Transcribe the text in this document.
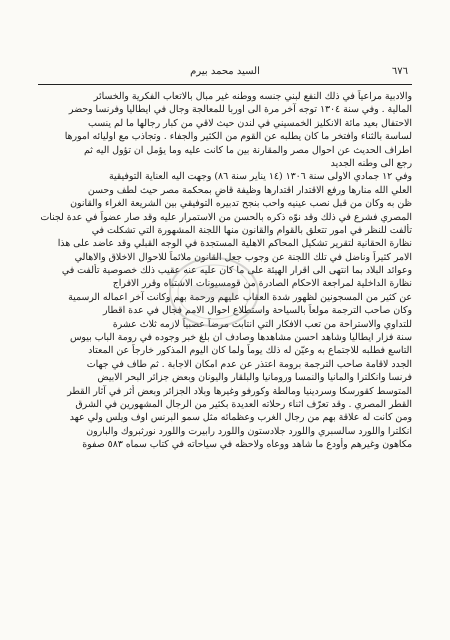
٦٧٦
السيد محمد بيرم
والادبية مراعياً في ذلك النفع لبني جنسه ووطنه غير مبال بالاتعاب الفكرية والخسائر
المالية . وفي سنة ١٣٠٤ توجه آخر مرة الى اوربا للمعالجة وجال في ايطاليا وفرنسا وحضر
الاحتفال بعيد مائة الانكليز الخمسيني في لندن حيث لاقي من كبار رجالها ما لم ينسب
لساسة بالثناء وافتخر ما كان يطلبه عن القوم من الكثير والجفاء . وتجاذب مع اوليائه امورها
اطراف الحديث عن احوال مصر والمقارنة بين ما كانت عليه وما يؤمل ان تؤول اليه ثم
رجع الى وطنه الجديد
وفي ١٢ جمادي الاولى سنة ١٣٠٦ (١٤ يناير سنة ٨٦) وجهت اليه العناية التوفيقية
العلي الله منارها ورفع الاقتدار اقتدارها وظيفة قاضٍ بمحكمة مصر حيث لطف وحسن
ظن به وكان من قبل نصب عينيه واحب بنجح تدبيره التوفيقي بين الشريعة الغراء والقانون
المصري فشرع في ذلك وقد نوّه ذكره بالحسن من الاستمرار عليه وقد صار عضواً في عدة لجنات
تألفت للنظر في امور تتعلق بالقوام والقانون منها اللجنة المشهورة التي تشكلت في
نظارة الحقانية لتقرير تشكيل المحاكم الاهلية المستجدة في الوجه القبلي وقد عاضد على هذا
الامر كثيراً وناضل في تلك اللجنة عن وجوب جعل القانون ملائماً للاحوال الاخلاق والاهالي
وعوائد البلاد بما انتهى الى اقرار الهيئة على ما كان عليه عنه عقيب ذلك خصوصية تألفت في
نظارة الداخلية لمراجعة الاحكام الصادرة من قومسيونات الاشتباه وقرر الافراج
عن كثير من المسجونين لظهور شدة العقاب عليهم ورحمة بهم وكانت آخر اعماله الرسمية
وكان صاحب الترجمة مولعاً بالسياحة واستطلاع احوال الامم فجال في عدة اقطار
للتداوي والاستراحة من تعب الافكار التي انتابت مرضاً عصبياً لازمه ثلاث عشرة
سنة فزار ايطاليا وشاهد احسن مشاهدها وصادف ان بلغ خبر وجوده في رومة الباب بيوس
التاسع فطلبه للاجتماع به وعيّن له ذلك يوماً ولما كان اليوم المذكور خارجاً عن المعتاد
الجدد لاقامة صاحب الترجمة برومة اعتذر عن عدم امكان الاجابة . ثم طاف في جهات
فرنسا وانكلترا والمانيا والنمسا ورومانيا والبلقار واليونان وبعض جزائر البحر الابيض
المتوسط كقورسكا وسردينيا ومالطة وكورفو وغيرها وبلاد الجزائر وبعض أثر في آثار القطر
القطر المصري . وقد تعرّف اثناء رحلاته العديدة بكثير من الرجال المشهورين في الشرق
ومن كانت له علاقة بهم من رجال الغرب وعظمائه مثل سمو البرنس اوف ويلس ولي عهد
انكلترا واللورد سالسبري واللورد جلادستون واللورد رابيرت واللورد نورثبروك والبارون
مكاهون وغيرهم وأودع ما شاهد ووعاه ولاحظه في سياحاته في كتاب سماه ٥٨٣ صفوة
